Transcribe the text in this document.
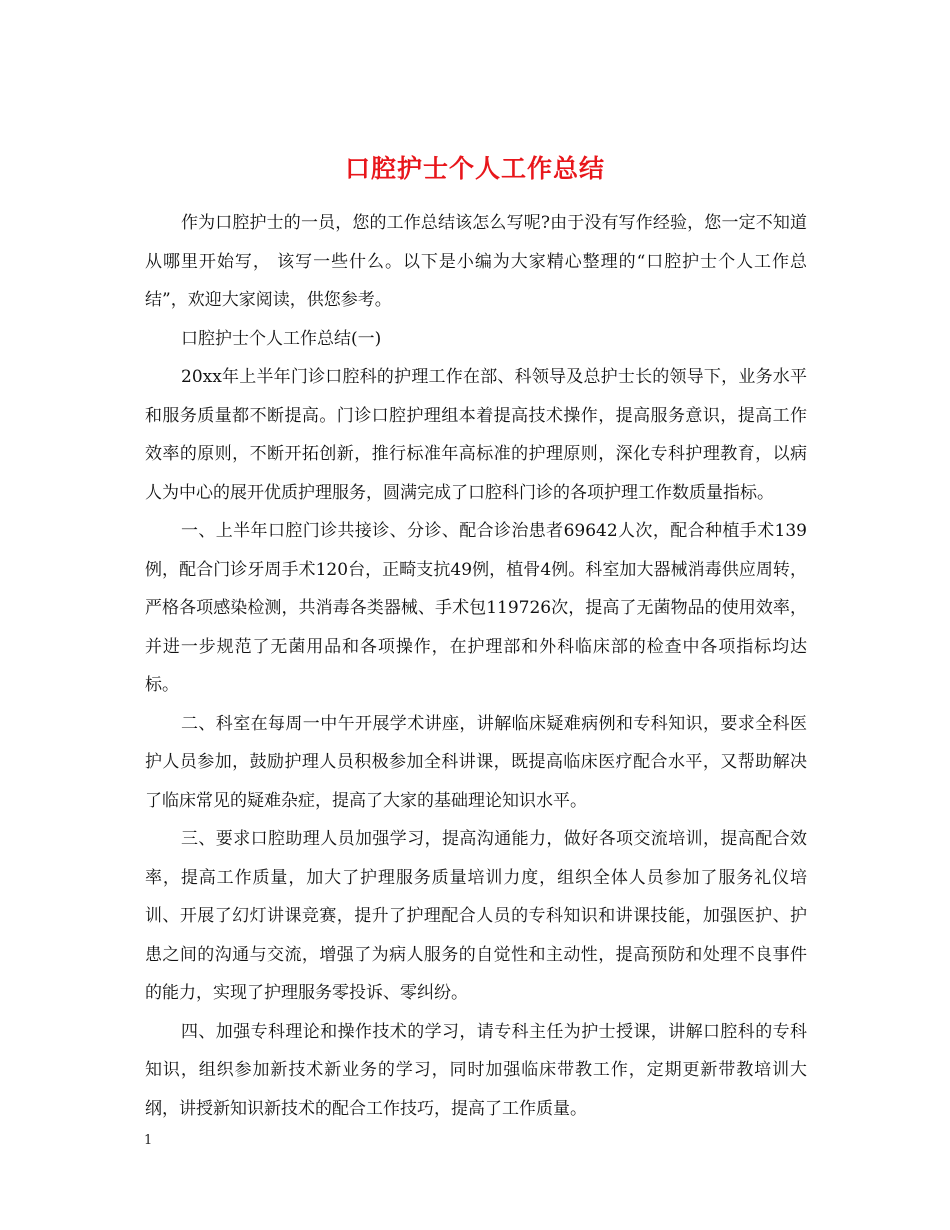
口腔护士个人工作总结

作为口腔护士的一员，您的工作总结该怎么写呢?由于没有写作经验，您一定不知道从哪里开始写， 该写一些什么。以下是小编为大家精心整理的“口腔护士个人工作总结”，欢迎大家阅读，供您参考。

口腔护士个人工作总结(一)

20xx年上半年门诊口腔科的护理工作在部、科领导及总护士长的领导下，业务水平和服务质量都不断提高。门诊口腔护理组本着提高技术操作，提高服务意识，提高工作效率的原则，不断开拓创新，推行标准年高标准的护理原则，深化专科护理教育，以病人为中心的展开优质护理服务，圆满完成了口腔科门诊的各项护理工作数质量指标。

一、上半年口腔门诊共接诊、分诊、配合诊治患者69642人次，配合种植手术139例，配合门诊牙周手术120台，正畸支抗49例，植骨4例。科室加大器械消毒供应周转，严格各项感染检测，共消毒各类器械、手术包119726次，提高了无菌物品的使用效率，并进一步规范了无菌用品和各项操作，在护理部和外科临床部的检查中各项指标均达标。

二、科室在每周一中午开展学术讲座，讲解临床疑难病例和专科知识，要求全科医护人员参加，鼓励护理人员积极参加全科讲课，既提高临床医疗配合水平，又帮助解决了临床常见的疑难杂症，提高了大家的基础理论知识水平。

三、要求口腔助理人员加强学习，提高沟通能力，做好各项交流培训，提高配合效率，提高工作质量，加大了护理服务质量培训力度，组织全体人员参加了服务礼仪培训、开展了幻灯讲课竞赛，提升了护理配合人员的专科知识和讲课技能，加强医护、护患之间的沟通与交流，增强了为病人服务的自觉性和主动性，提高预防和处理不良事件的能力，实现了护理服务零投诉、零纠纷。

四、加强专科理论和操作技术的学习，请专科主任为护士授课，讲解口腔科的专科知识，组织参加新技术新业务的学习，同时加强临床带教工作，定期更新带教培训大纲，讲授新知识新技术的配合工作技巧，提高了工作质量。

1
